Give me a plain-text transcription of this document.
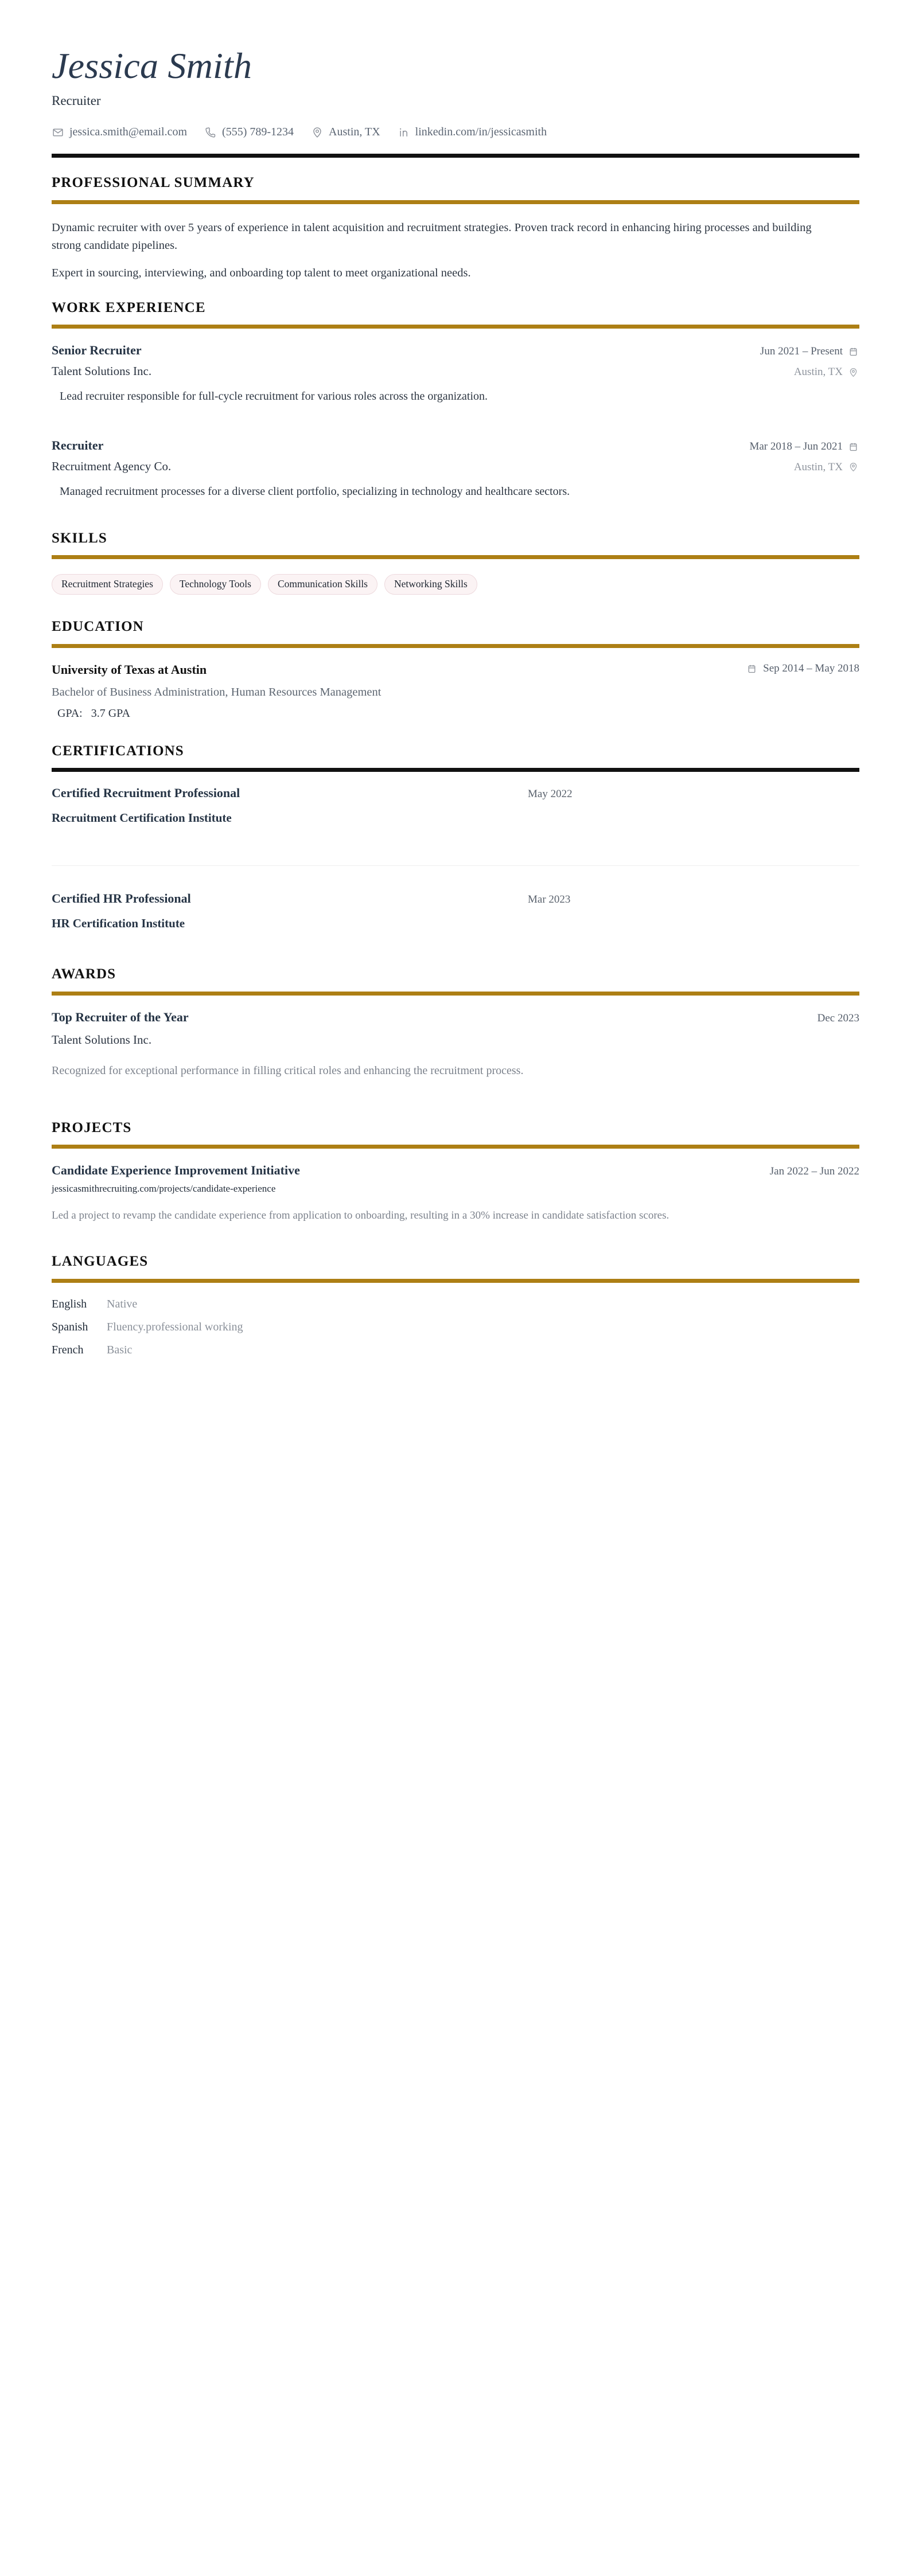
Jessica Smith
Recruiter
jessica.smith@email.com	(555) 789-1234	Austin, TX	linkedin.com/in/jessicasmith
PROFESSIONAL SUMMARY

Dynamic recruiter with over 5 years of experience in talent acquisition and recruitment strategies. Proven track record in enhancing hiring processes and building strong candidate pipelines.

Expert in sourcing, interviewing, and onboarding top talent to meet organizational needs.

WORK EXPERIENCE
Senior Recruiter	Jun 2021 – Present
Talent Solutions Inc.	Austin, TX
Lead recruiter responsible for full-cycle recruitment for various roles across the organization.
Recruiter	Mar 2018 – Jun 2021
Recruitment Agency Co.	Austin, TX
Managed recruitment processes for a diverse client portfolio, specializing in technology and healthcare sectors.
SKILLS
Recruitment Strategies	Technology Tools	Communication Skills	Networking Skills
EDUCATION
University of Texas at Austin	Sep 2014 – May 2018
Bachelor of Business Administration, Human Resources Management
GPA: 3.7 GPA
CERTIFICATIONS
Certified Recruitment Professional	May 2022
Recruitment Certification Institute
Certified HR Professional	Mar 2023
HR Certification Institute
AWARDS
Top Recruiter of the Year	Dec 2023
Talent Solutions Inc.
Recognized for exceptional performance in filling critical roles and enhancing the recruitment process.
PROJECTS
Candidate Experience Improvement Initiative	Jan 2022 – Jun 2022
jessicasmithrecruiting.com/projects/candidate-experience
Led a project to revamp the candidate experience from application to onboarding, resulting in a 30% increase in candidate satisfaction scores.
LANGUAGES
English	Native
Spanish	Fluency.professional working
French	Basic
